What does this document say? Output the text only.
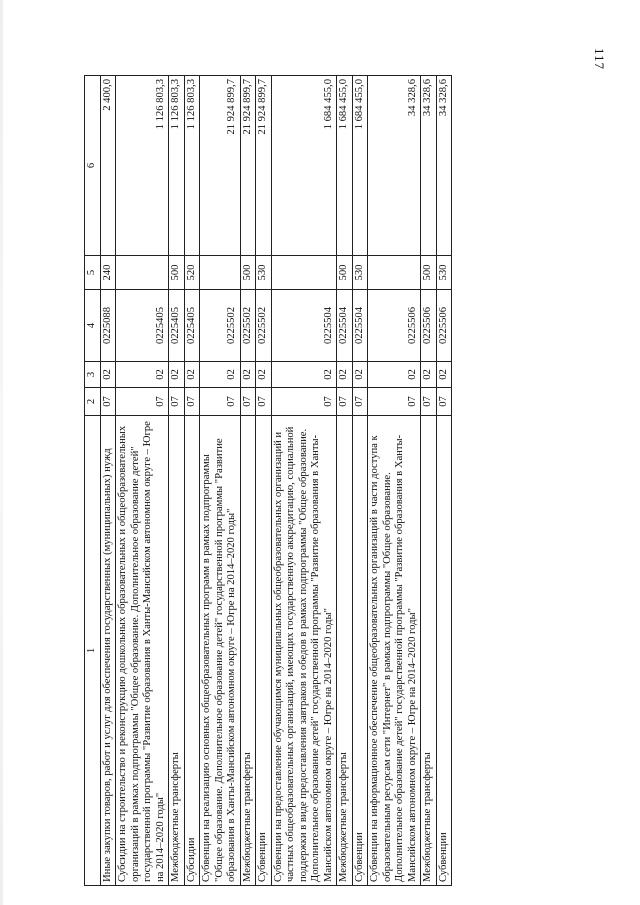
117
1	2	3	4	5	6
Иные закупки товаров, работ и услуг для обеспечения государственных (муниципальных) нужд	07	02	0225088	240	2 400,0
Субсидии на строительство и реконструкцию дошкольных образовательных и общеобразовательных организаций в рамках подпрограммы "Общее образование. Дополнительное образование детей" государственной программы "Развитие образования в Ханты-Мансийском автономном округе – Югре на 2014–2020 годы"	07	02	0225405		1 126 803,3
Межбюджетные трансферты	07	02	0225405	500	1 126 803,3
Субсидии	07	02	0225405	520	1 126 803,3
Субвенции на реализацию основных общеобразовательных программ в рамках подпрограммы "Общее образование. Дополнительное образование детей" государственной программы "Развитие образования в Ханты-Мансийском автономном округе – Югре на 2014–2020 годы"	07	02	0225502		21 924 899,7
Межбюджетные трансферты	07	02	0225502	500	21 924 899,7
Субвенции	07	02	0225502	530	21 924 899,7
Субвенции на предоставление обучающимся муниципальных общеобразовательных организаций и частных общеобразовательных организаций, имеющих государственную аккредитацию, социальной поддержки в виде предоставления завтраков и обедов в рамках подпрограммы "Общее образование. Дополнительное образование детей" государственной программы "Развитие образования в Ханты-Мансийском автономном округе – Югре на 2014–2020 годы"	07	02	0225504		1 684 455,0
Межбюджетные трансферты	07	02	0225504	500	1 684 455,0
Субвенции	07	02	0225504	530	1 684 455,0
Субвенции на информационное обеспечение общеобразовательных организаций в части доступа к образовательным ресурсам сети "Интернет" в рамках подпрограммы "Общее образование. Дополнительное образование детей" государственной программы "Развитие образования в Ханты-Мансийском автономном округе – Югре на 2014–2020 годы"	07	02	0225506		34 328,6
Межбюджетные трансферты	07	02	0225506	500	34 328,6
Субвенции	07	02	0225506	530	34 328,6
